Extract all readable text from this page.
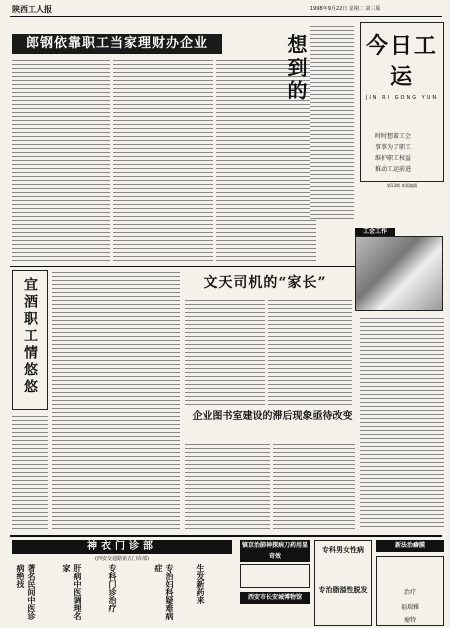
陕西工人报	1998年9月22日 星期二 第三版
郎钢依靠职工当家理财办企业	想到的
今日工运
JIN RI GONG YUN
时时想着工会
事事为了职工
维护职工权益
推动工运前进
第13期 本版编辑
工会工作
文天司机的“家长”
宜酒职工情悠悠
企业图书室建设的滞后现象亟待改变
神衣门诊部
(西安交通路第五门诊部)
著名民间中医诊病绝技	肝病中医调理名家	专科门诊治疗	专治妇科疑难病症	生发新药来
镇京治肺神探病刀药用显奇效
西安市长安城博物馆
专科男女性病
专治脂溢性脱发
新法治癖膜
治疗
福瑞雅
瘤特
